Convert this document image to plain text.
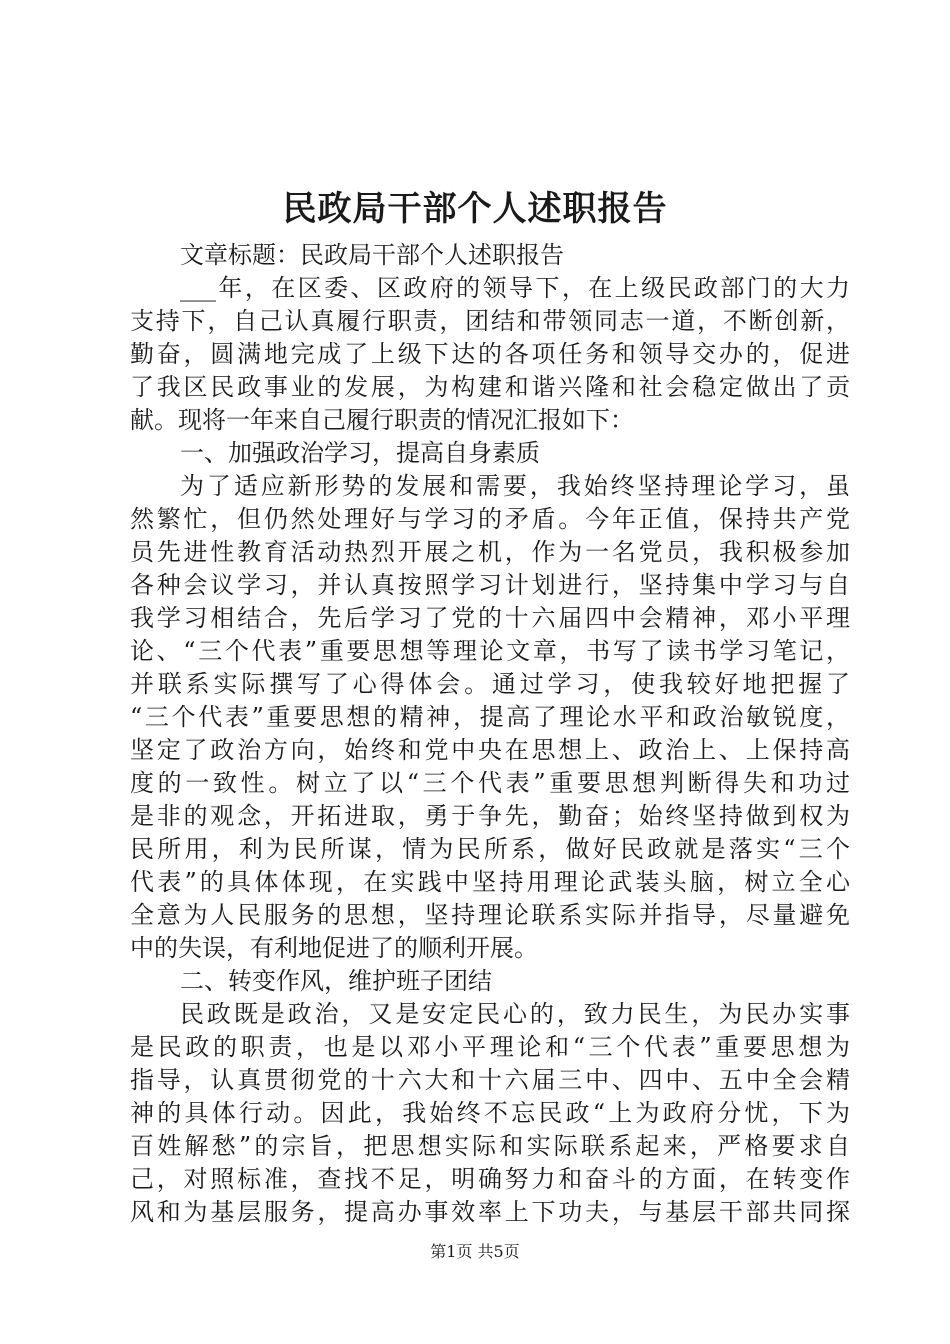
民政局干部个人述职报告
文章标题：民政局干部个人述职报告
___年，在区委、区政府的领导下，在上级民政部门的大力
支持下，自己认真履行职责，团结和带领同志一道，不断创新，
勤奋，圆满地完成了上级下达的各项任务和领导交办的，促进
了我区民政事业的发展，为构建和谐兴隆和社会稳定做出了贡
献。现将一年来自己履行职责的情况汇报如下：
一、加强政治学习，提高自身素质
为了适应新形势的发展和需要，我始终坚持理论学习，虽
然繁忙，但仍然处理好与学习的矛盾。今年正值，保持共产党
员先进性教育活动热烈开展之机，作为一名党员，我积极参加
各种会议学习，并认真按照学习计划进行，坚持集中学习与自
我学习相结合，先后学习了党的十六届四中会精神，邓小平理
论、“三个代表”重要思想等理论文章，书写了读书学习笔记，
并联系实际撰写了心得体会。通过学习，使我较好地把握了
“三个代表”重要思想的精神，提高了理论水平和政治敏锐度，
坚定了政治方向，始终和党中央在思想上、政治上、上保持高
度的一致性。树立了以“三个代表”重要思想判断得失和功过
是非的观念，开拓进取，勇于争先，勤奋；始终坚持做到权为
民所用，利为民所谋，情为民所系，做好民政就是落实“三个
代表”的具体体现，在实践中坚持用理论武装头脑，树立全心
全意为人民服务的思想，坚持理论联系实际并指导，尽量避免
中的失误，有利地促进了的顺利开展。
二、转变作风，维护班子团结
民政既是政治，又是安定民心的，致力民生，为民办实事
是民政的职责，也是以邓小平理论和“三个代表”重要思想为
指导，认真贯彻党的十六大和十六届三中、四中、五中全会精
神的具体行动。因此，我始终不忘民政“上为政府分忧，下为
百姓解愁”的宗旨，把思想实际和实际联系起来，严格要求自
己，对照标准，查找不足，明确努力和奋斗的方面，在转变作
风和为基层服务，提高办事效率上下功夫，与基层干部共同探
第1页 共5页
